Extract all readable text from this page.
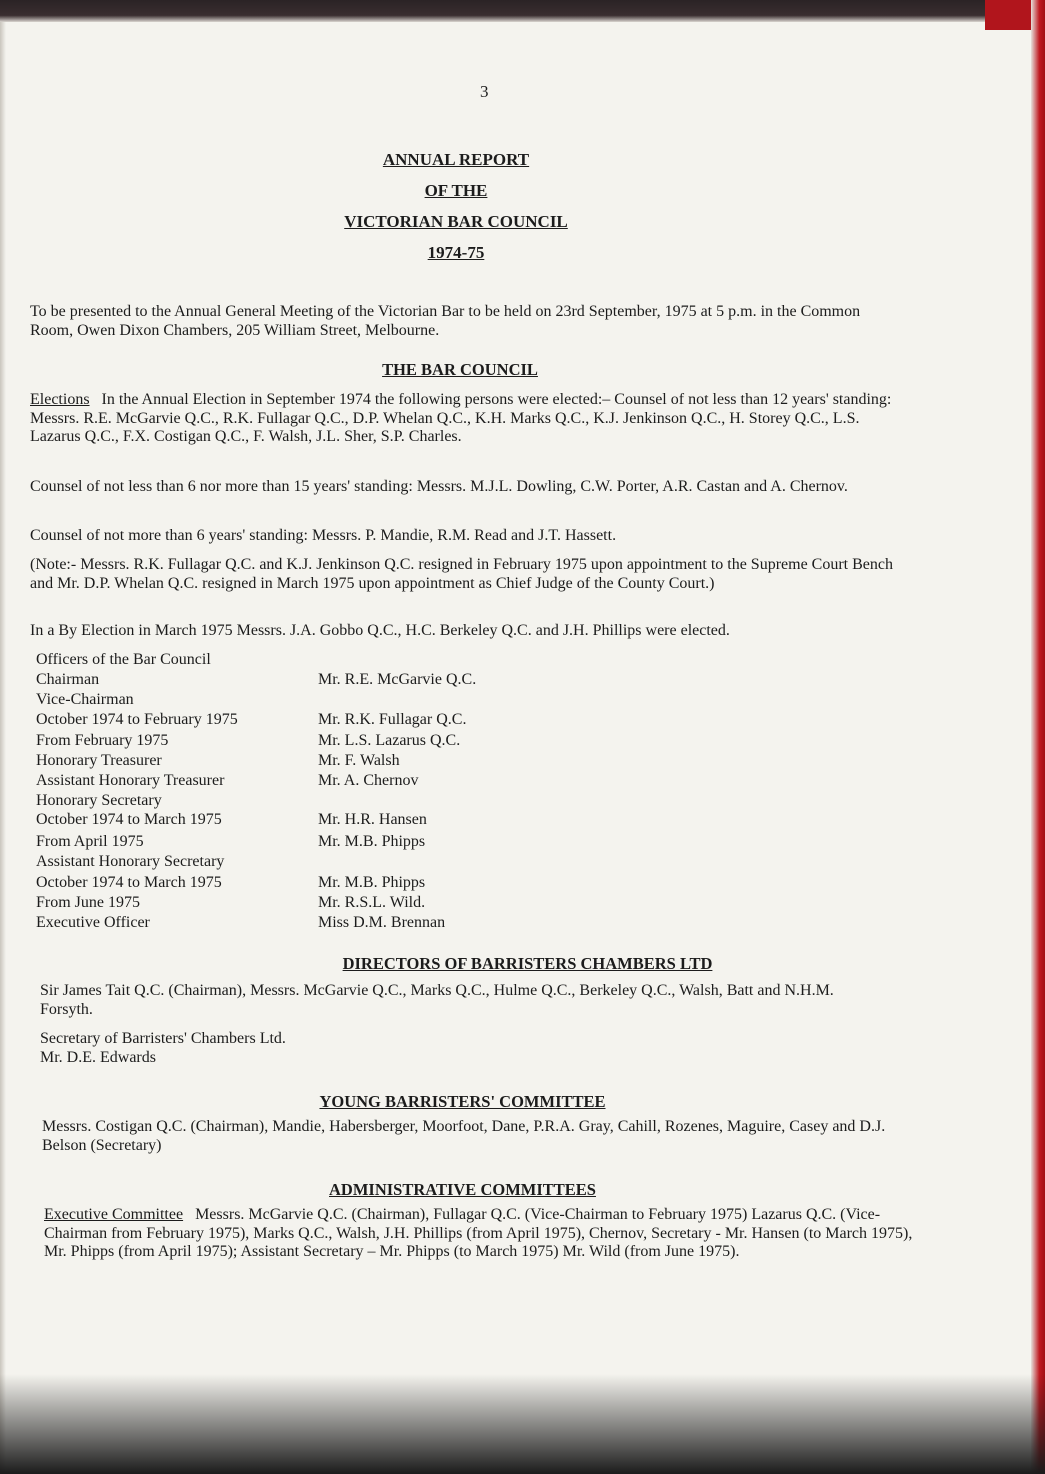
3
ANNUAL REPORT
OF THE
VICTORIAN BAR COUNCIL
1974-75
To be presented to the Annual General Meeting of the Victorian Bar to be held on 23rd September, 1975 at 5 p.m. in the Common Room, Owen Dixon Chambers, 205 William Street, Melbourne.
THE BAR COUNCIL
Elections In the Annual Election in September 1974 the following persons were elected:– Counsel of not less than 12 years' standing: Messrs. R.E. McGarvie Q.C., R.K. Fullagar Q.C., D.P. Whelan Q.C., K.H. Marks Q.C., K.J. Jenkinson Q.C., H. Storey Q.C., L.S. Lazarus Q.C., F.X. Costigan Q.C., F. Walsh, J.L. Sher, S.P. Charles.
Counsel of not less than 6 nor more than 15 years' standing: Messrs. M.J.L. Dowling, C.W. Porter, A.R. Castan and A. Chernov.
Counsel of not more than 6 years' standing: Messrs. P. Mandie, R.M. Read and J.T. Hassett.
(Note:- Messrs. R.K. Fullagar Q.C. and K.J. Jenkinson Q.C. resigned in February 1975 upon appointment to the Supreme Court Bench and Mr. D.P. Whelan Q.C. resigned in March 1975 upon appointment as Chief Judge of the County Court.)
In a By Election in March 1975 Messrs. J.A. Gobbo Q.C., H.C. Berkeley Q.C. and J.H. Phillips were elected.
Officers of the Bar Council
Chairman	Mr. R.E. McGarvie Q.C.
Vice-Chairman
October 1974 to February 1975	Mr. R.K. Fullagar Q.C.
From February 1975	Mr. L.S. Lazarus Q.C.
Honorary Treasurer	Mr. F. Walsh
Assistant Honorary Treasurer	Mr. A. Chernov
Honorary Secretary
October 1974 to March 1975	Mr. H.R. Hansen
From April 1975	Mr. M.B. Phipps
Assistant Honorary Secretary
October 1974 to March 1975	Mr. M.B. Phipps
From June 1975	Mr. R.S.L. Wild.
Executive Officer	Miss D.M. Brennan
DIRECTORS OF BARRISTERS CHAMBERS LTD
Sir James Tait Q.C. (Chairman), Messrs. McGarvie Q.C., Marks Q.C., Hulme Q.C., Berkeley Q.C., Walsh, Batt and N.H.M. Forsyth.
Secretary of Barristers' Chambers Ltd.
Mr. D.E. Edwards
YOUNG BARRISTERS' COMMITTEE
Messrs. Costigan Q.C. (Chairman), Mandie, Habersberger, Moorfoot, Dane, P.R.A. Gray, Cahill, Rozenes, Maguire, Casey and D.J. Belson (Secretary)
ADMINISTRATIVE COMMITTEES
Executive Committee Messrs. McGarvie Q.C. (Chairman), Fullagar Q.C. (Vice-Chairman to February 1975) Lazarus Q.C. (Vice-Chairman from February 1975), Marks Q.C., Walsh, J.H. Phillips (from April 1975), Chernov, Secretary - Mr. Hansen (to March 1975), Mr. Phipps (from April 1975); Assistant Secretary – Mr. Phipps (to March 1975) Mr. Wild (from June 1975).
